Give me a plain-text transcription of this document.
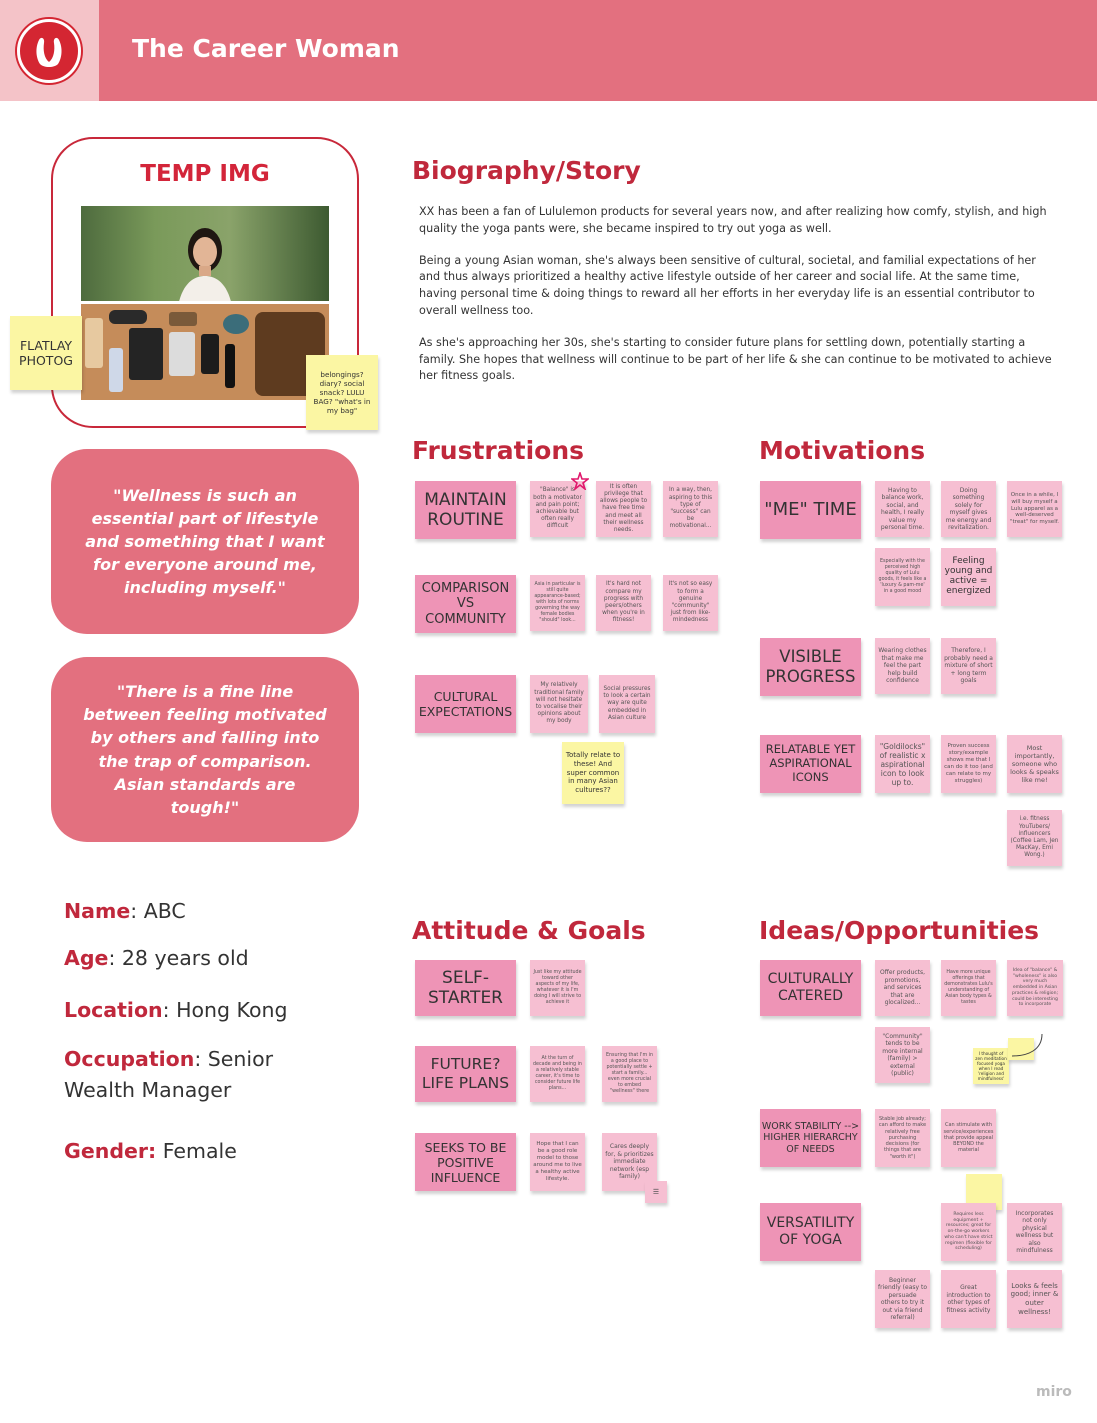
The Career Woman
TEMP IMG
FLATLAY PHOTOG
belongings? diary? social snack? LULU BAG? "what's in my bag"
"Wellness is such an essential part of lifestyle and something that I want for everyone around me, including myself."
"There is a fine line between feeling motivated by others and falling into the trap of comparison. Asian standards are tough!"
Name: ABC
Age: 28 years old
Location: Hong Kong
Occupation: Senior
Wealth Manager
Gender: Female
Biography/Story

XX has been a fan of Lululemon products for several years now, and after realizing how comfy, stylish, and high quality the yoga pants were, she became inspired to try out yoga as well.

Being a young Asian woman, she's always been sensitive of cultural, societal, and familial expectations of her and thus always prioritized a healthy active lifestyle outside of her career and social life. At the same time, having personal time & doing things to reward all her efforts in her everyday life is an essential contributor to overall wellness too.

As she's approaching her 30s, she's starting to consider future plans for settling down, potentially starting a family. She hopes that wellness will continue to be part of her life & she can continue to be motivated to achieve her fitness goals.

Frustrations
MAINTAIN ROUTINE
COMPARISON VS COMMUNITY
CULTURAL EXPECTATIONS
"Balance" is both a motivator and pain point; achievable but often really difficult
It is often privilege that allows people to have free time and meet all their wellness needs.
In a way, then, aspiring to this type of "success" can be motivational...
Asia in particular is still quite appearance-based; with lots of norms governing the way female bodies "should" look...
It's hard not compare my progress with peers/others when you're in fitness!
It's not so easy to form a genuine "community" just from like-mindedness
My relatively traditional family will not hesitate to vocalise their opinions about my body
Social pressures to look a certain way are quite embedded in Asian culture
Totally relate to these! And super common in many Asian cultures??
Motivations
"ME" TIME
VISIBLE PROGRESS
RELATABLE YET ASPIRATIONAL ICONS
Having to balance work, social, and health, I really value my personal time.
Doing something solely for myself gives me energy and revitalization.
Once in a while, I will buy myself a Lulu apparel as a well-deserved "treat" for myself.
Especially with the perceived high quality of Lulu goods, it feels like a 'luxury & pam-me' in a good mood
Feeling young and active = energized
Wearing clothes that make me feel the part help build confidence
Therefore, I probably need a mixture of short + long term goals
"Goldilocks" of realistic x aspirational icon to look up to.
Proven success story/example shows me that I can do it too (and can relate to my struggles)
Most importantly, someone who looks & speaks like me!
i.e. fitness YouTubers/ influencers (Coffee Lam, Jen MacKay, Emi Wong.)
Attitude & Goals
SELF-STARTER
FUTURE? LIFE PLANS
SEEKS TO BE POSITIVE INFLUENCE
Just like my attitude toward other aspects of my life, whatever it is I'm doing I will strive to achieve it
At the turn of decade and being in a relatively stable career, it's time to consider future life plans...
Ensuring that I'm in a good place to potentially settle + start a family... even more crucial to embed "wellness" there
Hope that I can be a good role model to those around me to live a healthy active lifestyle.
Cares deeply for, & prioritizes immediate network (esp family)
☰
Ideas/Opportunities
CULTURALLY CATERED
WORK STABILITY --> HIGHER HIERARCHY OF NEEDS
VERSATILITY OF YOGA
Offer products, promotions, and services that are glocalized...
Have more unique offerings that demonstrates Lulu's understanding of Asian body types & tastes
Idea of "balance" & "wholeness" is also very much embedded in Asian practices & religion; could be interesting to incorporate
"Community" tends to be more internal (family) > external (public)
I thought of zen meditation focused yoga when I read 'religion and mindfulness'
Stable job already; can afford to make relatively free purchasing decisions (for things that are "worth it")
Can stimulate with service/experiences that provide appeal BEYOND the material
Requires less equipment + resources; great for on-the-go workers who can't have strict regimen (flexible for scheduling)
Incorporates not only physical wellness but also mindfulness
Beginner friendly (easy to persuade others to try it out via friend referral)
Great introduction to other types of fitness activity
Looks & feels good; inner & outer wellness!
miro
